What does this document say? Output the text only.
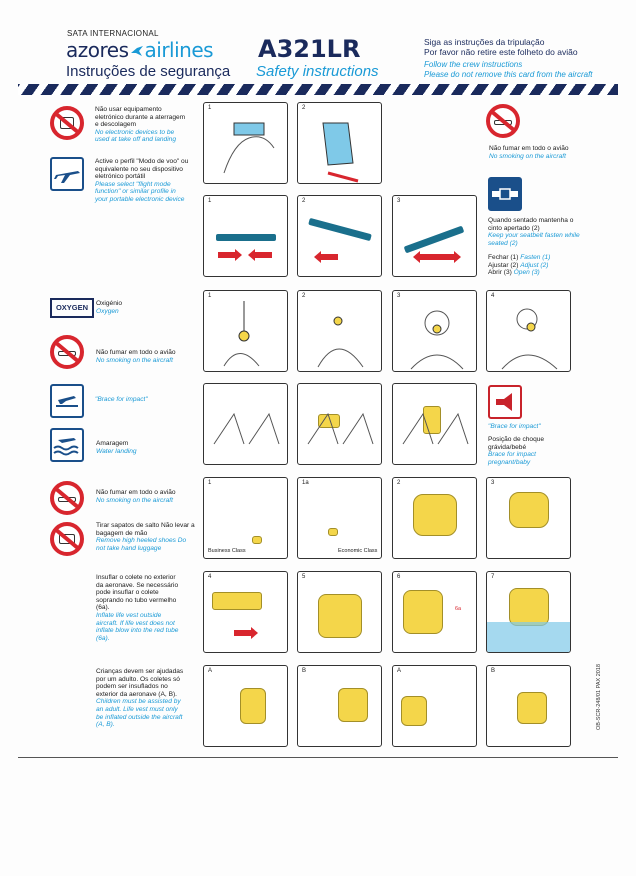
SATA INTERNACIONAL
azores airlines A321LR
Instruções de segurança Safety instructions
Siga as instruções da tripulação
Por favor não retire este folheto do avião
Follow the crew instructions
Please do not remove this card from the aircraft
Não usar equipamento eletrónico durante a aterragem e descolagem
No electronic devices to be used at take off and landing
Active o perfil "Modo de voo" ou equivalente no seu dispositivo eletrónico portátil
Please select "flight mode function" or similar profile in your portable electronic device
OXYGEN	Oxigénio
Oxygen
Não fumar em todo o avião
No smoking on the aircraft
"Brace for impact"
Amaragem
Water landing
Não fumar em todo o avião
No smoking on the aircraft
Tirar sapatos de salto Não levar a bagagem de mão
Remove high heeled shoes Do not take hand luggage
Insuflar o colete no exterior da aeronave. Se necessário pode insuflar o colete soprando no tubo vermelho (6a).
Inflate life vest outside aircraft. If life vest does not inflate blow into the red tube (6a).
Crianças devem ser ajudadas por um adulto. Os coletes só podem ser insuflados no exterior da aeronave (A, B).
Children must be assisted by an adult. Life vest must only be inflated outside the aircraft (A, B).
Não fumar em todo o avião
No smoking on the aircraft
Quando sentado mantenha o cinto apertado (2)
Keep your seatbelt fasten while seated (2)
Fechar (1) Fasten (1)
Ajustar (2) Adjust (2)
Abrir (3) Open (3)
"Brace for impact"
Posição de choque grávida/bebé
Brace for impact pregnant/baby
1	2
1	2	3
1	2	3	4
1
Business Class
1a
Economic Class
2	3
4	5	6
6a
7
A	B	A	B	OB-SCR-248/01 PAX 2018
